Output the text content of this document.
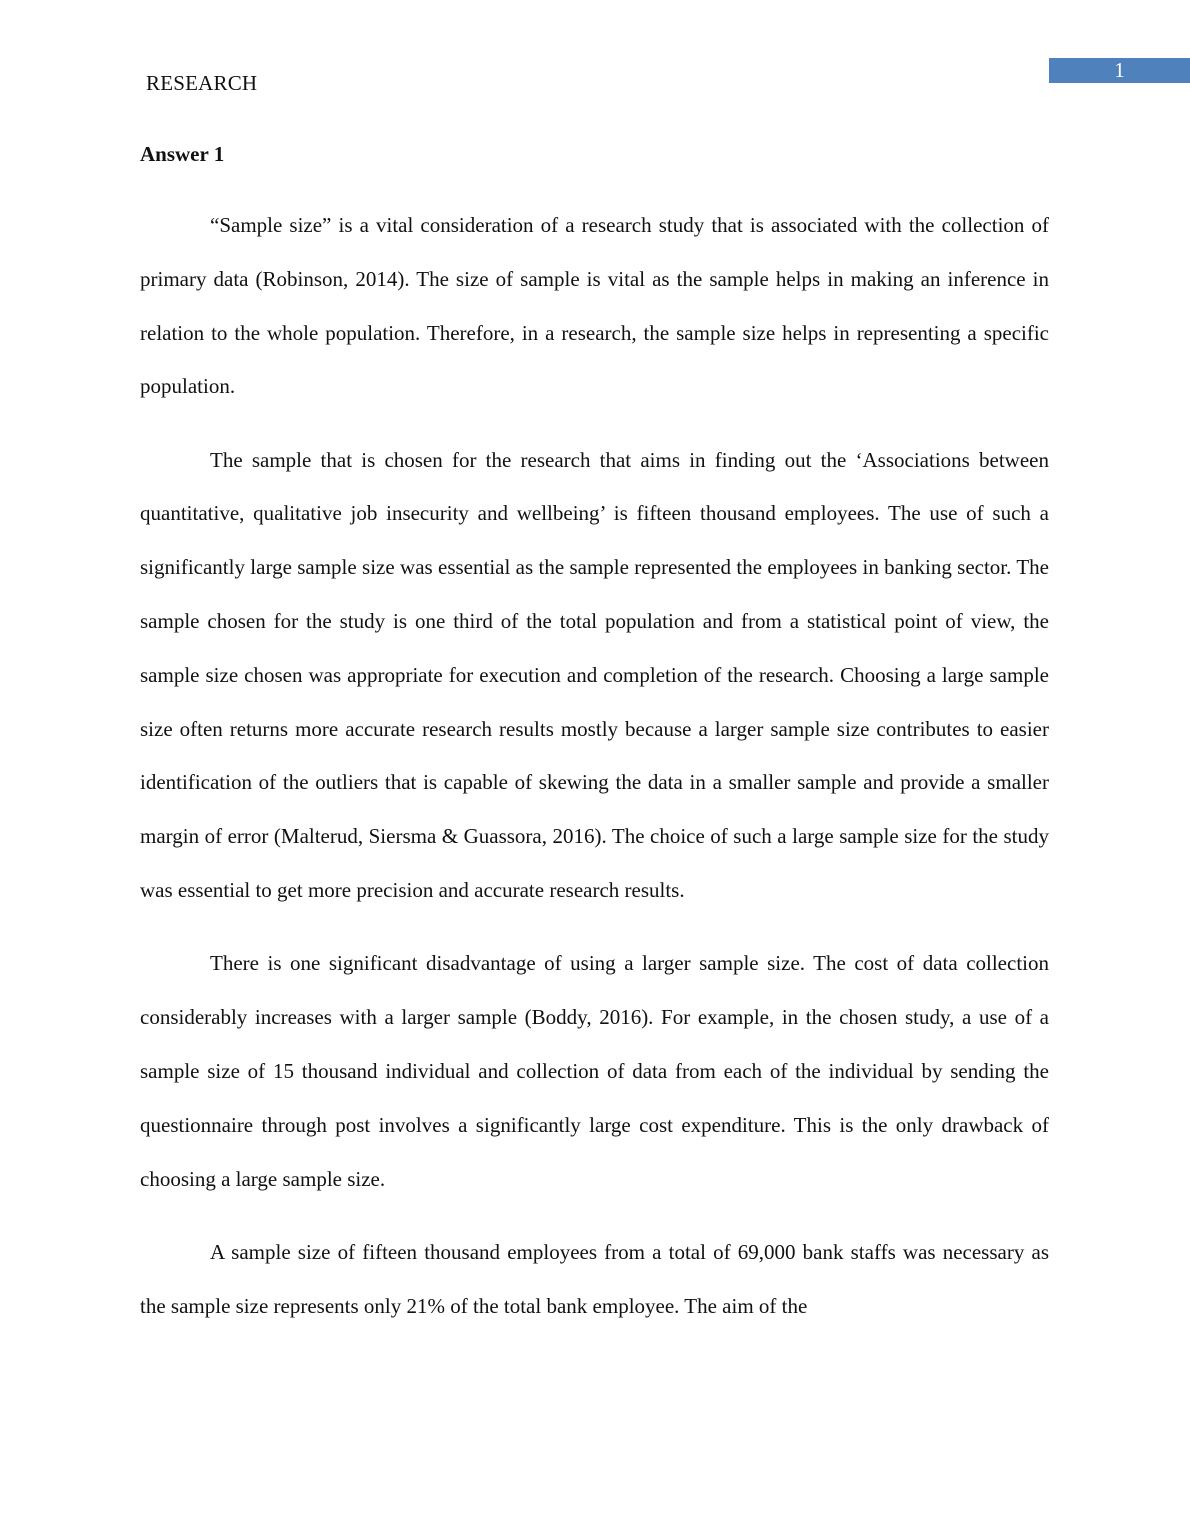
1
RESEARCH
Answer 1

“Sample size” is a vital consideration of a research study that is associated with the collection of primary data (Robinson, 2014). The size of sample is vital as the sample helps in making an inference in relation to the whole population. Therefore, in a research, the sample size helps in representing a specific population.

The sample that is chosen for the research that aims in finding out the ‘Associations between quantitative, qualitative job insecurity and wellbeing’ is fifteen thousand employees. The use of such a significantly large sample size was essential as the sample represented the employees in banking sector. The sample chosen for the study is one third of the total population and from a statistical point of view, the sample size chosen was appropriate for execution and completion of the research. Choosing a large sample size often returns more accurate research results mostly because a larger sample size contributes to easier identification of the outliers that is capable of skewing the data in a smaller sample and provide a smaller margin of error (Malterud, Siersma & Guassora, 2016). The choice of such a large sample size for the study was essential to get more precision and accurate research results.

There is one significant disadvantage of using a larger sample size. The cost of data collection considerably increases with a larger sample (Boddy, 2016). For example, in the chosen study, a use of a sample size of 15 thousand individual and collection of data from each of the individual by sending the questionnaire through post involves a significantly large cost expenditure. This is the only drawback of choosing a large sample size.

A sample size of fifteen thousand employees from a total of 69,000 bank staffs was necessary as the sample size represents only 21% of the total bank employee. The aim of the
